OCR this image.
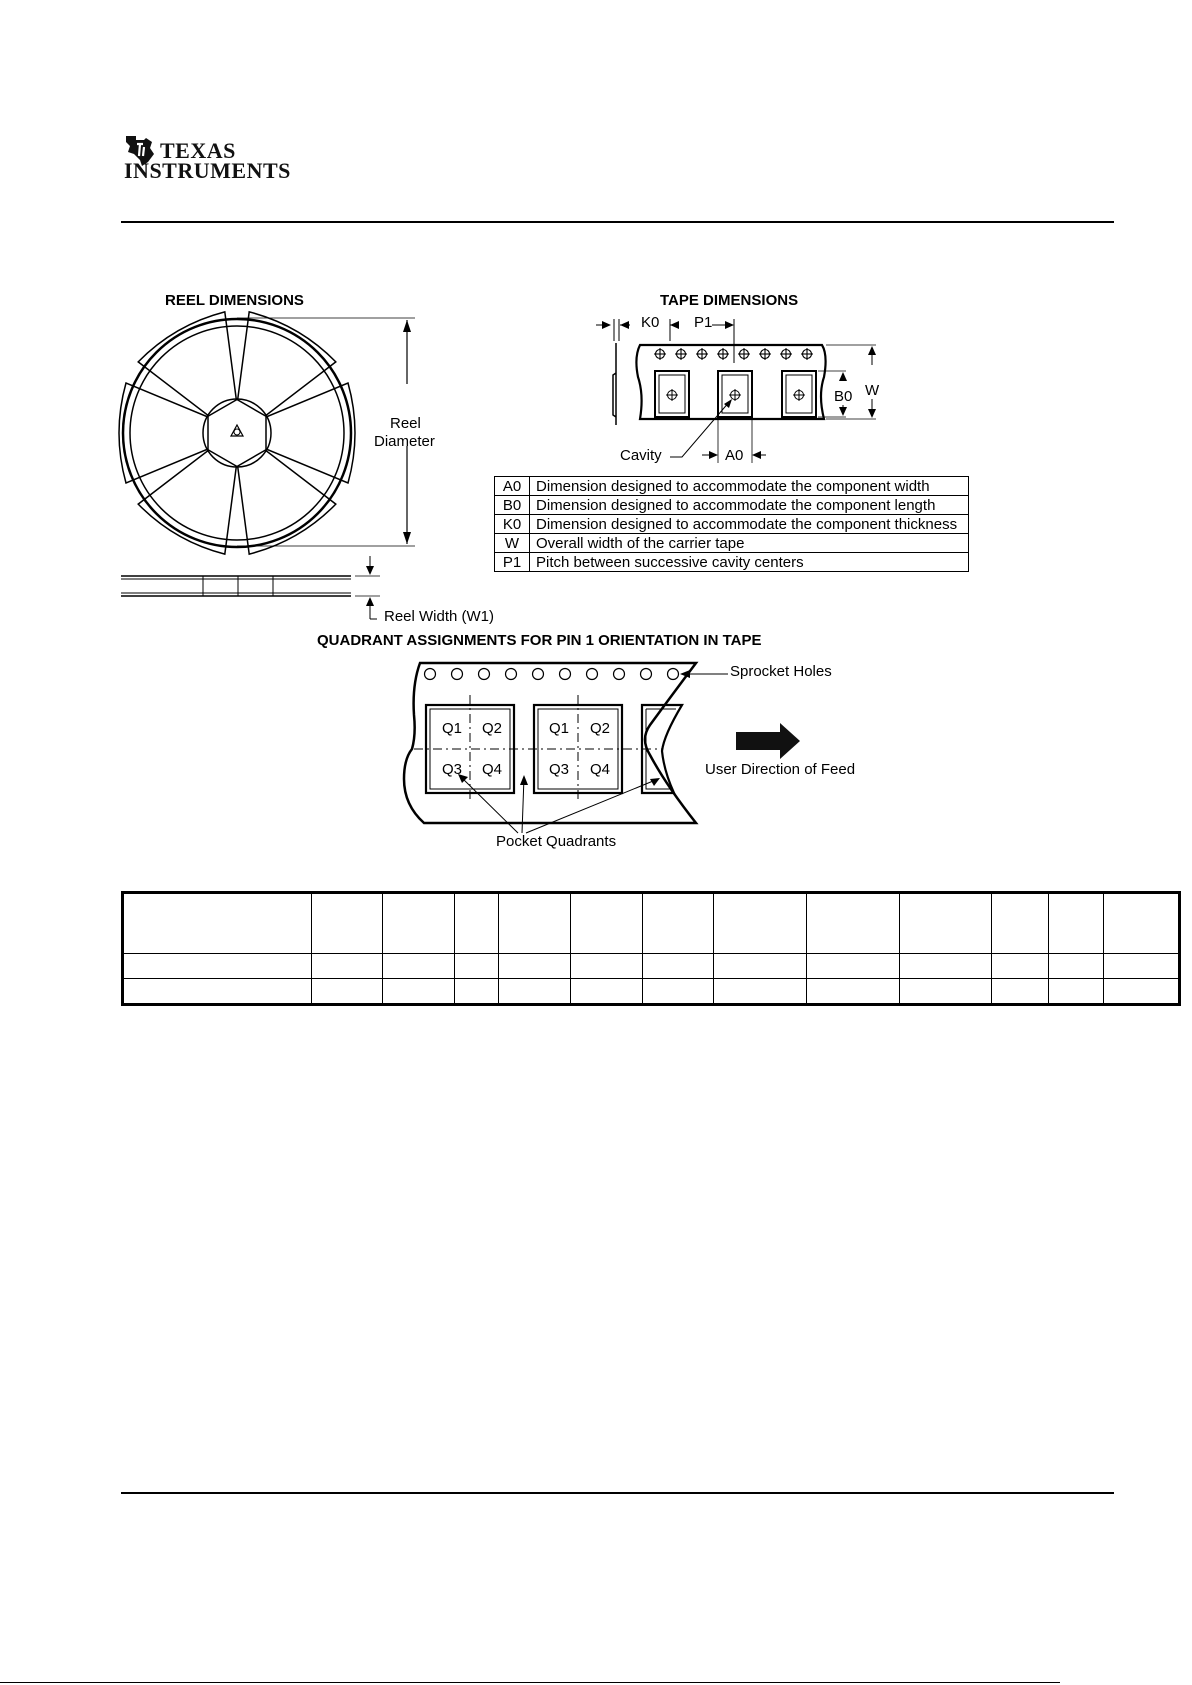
TEXAS
INSTRUMENTS
REEL DIMENSIONS	TAPE DIMENSIONS
Reel
Diameter
Reel Width (W1)
K0 P1
B0 W
A0
Cavity
A0	Dimension designed to accommodate the component width
B0	Dimension designed to accommodate the component length
K0	Dimension designed to accommodate the component thickness
W	Overall width of the carrier tape
P1	Pitch between successive cavity centers
QUADRANT ASSIGNMENTS FOR PIN 1 ORIENTATION IN TAPE
Q1 Q2
Q3 Q4
Q1 Q2
Q3 Q4
Sprocket Holes
User Direction of Feed
Pocket Quadrants
